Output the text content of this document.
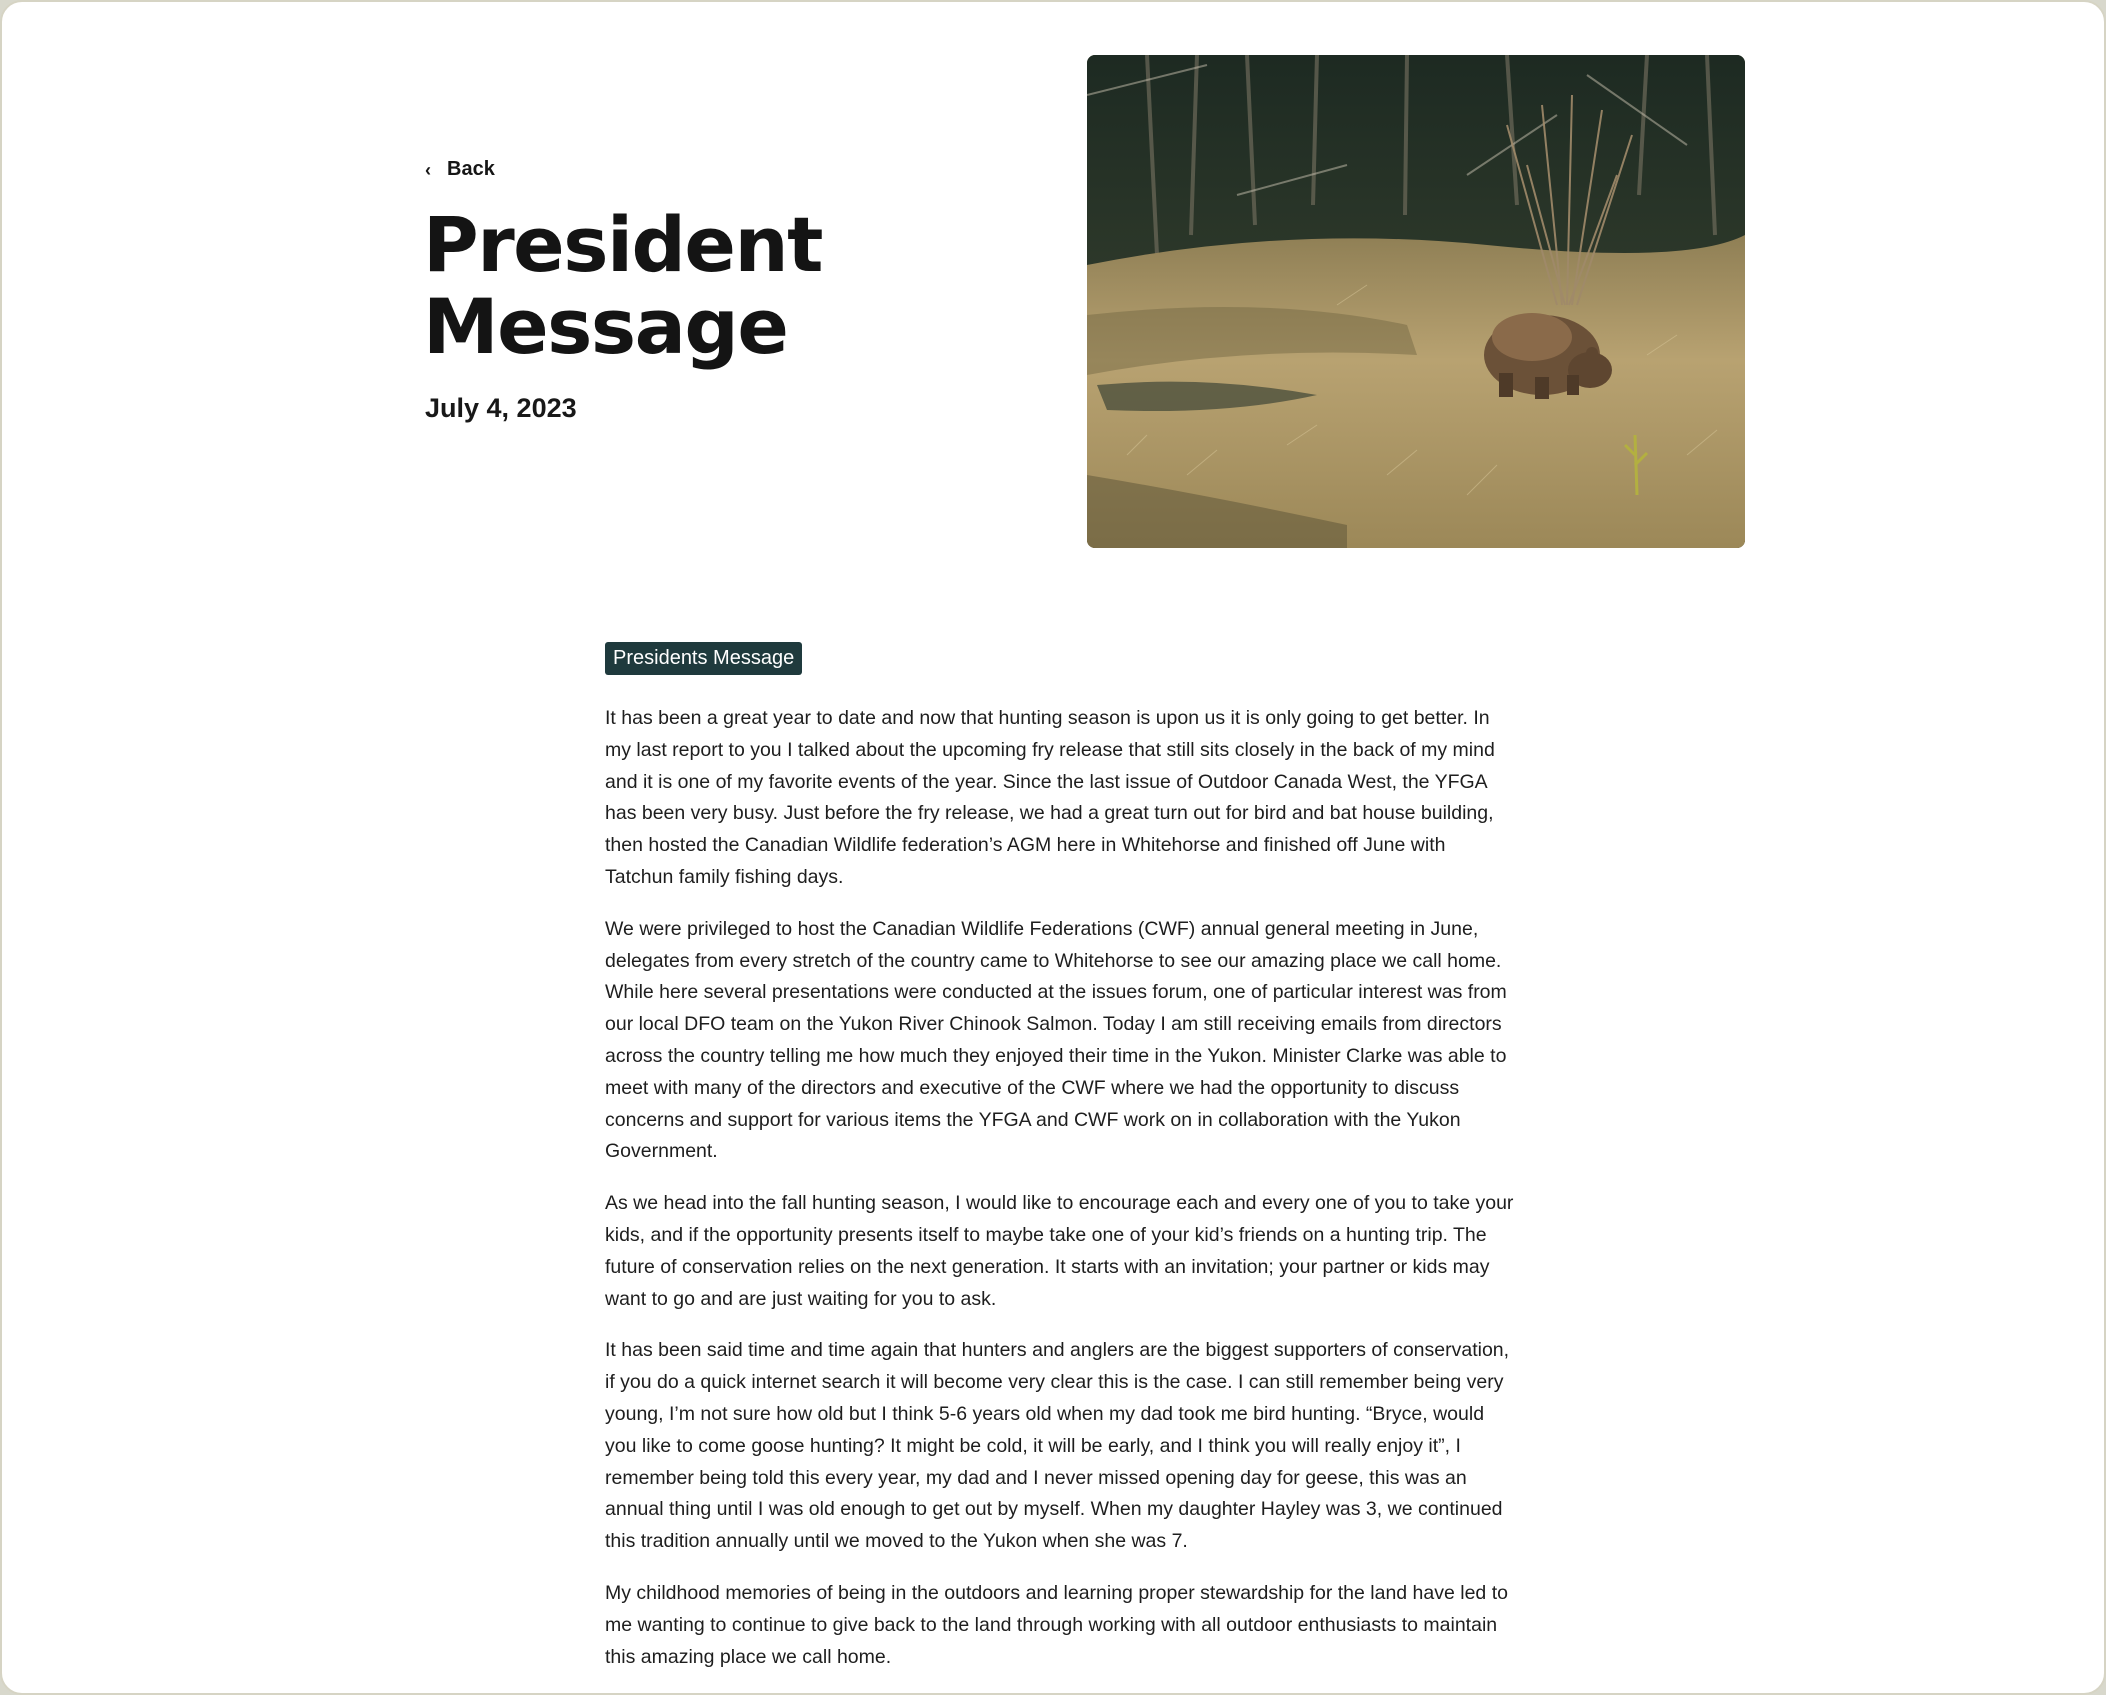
‹ Back
President Message
July 4, 2023
Presidents Message

It has been a great year to date and now that hunting season is upon us it is only going to get better. In my last report to you I talked about the upcoming fry release that still sits closely in the back of my mind and it is one of my favorite events of the year. Since the last issue of Outdoor Canada West, the YFGA has been very busy. Just before the fry release, we had a great turn out for bird and bat house building, then hosted the Canadian Wildlife federation’s AGM here in Whitehorse and finished off June with Tatchun family fishing days.

We were privileged to host the Canadian Wildlife Federations (CWF) annual general meeting in June, delegates from every stretch of the country came to Whitehorse to see our amazing place we call home. While here several presentations were conducted at the issues forum, one of particular interest was from our local DFO team on the Yukon River Chinook Salmon. Today I am still receiving emails from directors across the country telling me how much they enjoyed their time in the Yukon. Minister Clarke was able to meet with many of the directors and executive of the CWF where we had the opportunity to discuss concerns and support for various items the YFGA and CWF work on in collaboration with the Yukon Government.

As we head into the fall hunting season, I would like to encourage each and every one of you to take your kids, and if the opportunity presents itself to maybe take one of your kid’s friends on a hunting trip. The future of conservation relies on the next generation. It starts with an invitation; your partner or kids may want to go and are just waiting for you to ask.

It has been said time and time again that hunters and anglers are the biggest supporters of conservation, if you do a quick internet search it will become very clear this is the case. I can still remember being very young, I’m not sure how old but I think 5-6 years old when my dad took me bird hunting. “Bryce, would you like to come goose hunting? It might be cold, it will be early, and I think you will really enjoy it”, I remember being told this every year, my dad and I never missed opening day for geese, this was an annual thing until I was old enough to get out by myself. When my daughter Hayley was 3, we continued this tradition annually until we moved to the Yukon when she was 7.

My childhood memories of being in the outdoors and learning proper stewardship for the land have led to me wanting to continue to give back to the land through working with all outdoor enthusiasts to maintain this amazing place we call home.
